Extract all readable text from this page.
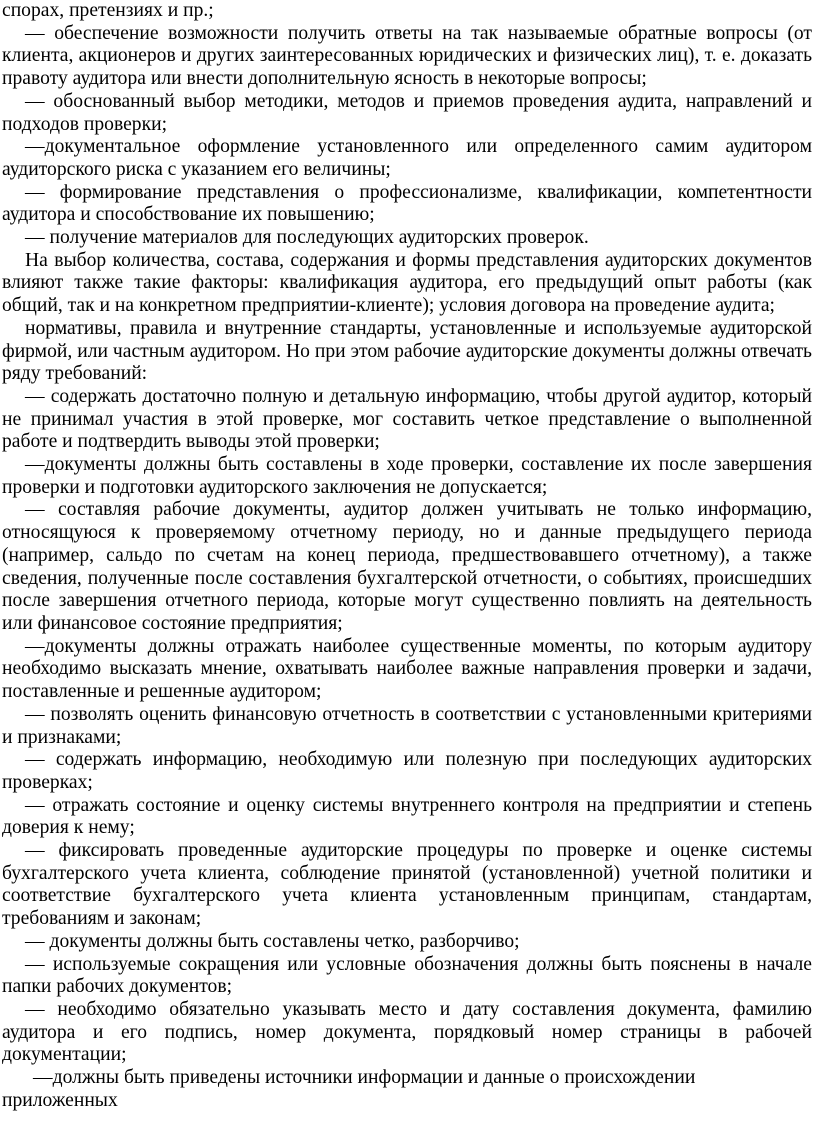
спорах, претензиях и пр.;

— обеспечение возможности получить ответы на так называемые обратные вопросы (от клиента, акционеров и других заинтересованных юридических и физических лиц), т. е. доказать правоту аудитора или внести дополнительную ясность в некоторые вопросы;

— обоснованный выбор методики, методов и приемов проведения аудита, направлений и подходов проверки;

—документальное оформление установленного или определенного самим аудитором аудиторского риска с указанием его величины;

— формирование представления о профессионализме, квалификации, компетентности аудитора и способствование их повышению;

— получение материалов для последующих аудиторских проверок.

На выбор количества, состава, содержания и формы представления аудиторских документов влияют также такие факторы: квалификация аудитора, его предыдущий опыт работы (как общий, так и на конкретном предприятии-клиенте); условия договора на проведение аудита;

нормативы, правила и внутренние стандарты, установленные и используемые аудиторской фирмой, или частным аудитором. Но при этом рабочие аудиторские документы должны отвечать ряду требований:

— содержать достаточно полную и детальную информацию, чтобы другой аудитор, который не принимал участия в этой проверке, мог составить четкое представление о выполненной работе и подтвердить выводы этой проверки;

—документы должны быть составлены в ходе проверки, составление их после завершения проверки и подготовки аудиторского заключения не допускается;

— составляя рабочие документы, аудитор должен учитывать не только информацию, относящуюся к проверяемому отчетному периоду, но и данные предыдущего периода (например, сальдо по счетам на конец периода, предшествовавшего отчетному), а также сведения, полученные после составления бухгалтерской отчетности, о событиях, происшедших после завершения отчетного периода, которые могут существенно повлиять на деятельность или финансовое состояние предприятия;

—документы должны отражать наиболее существенные моменты, по которым аудитору необходимо высказать мнение, охватывать наиболее важные направления проверки и задачи, поставленные и решенные аудитором;

— позволять оценить финансовую отчетность в соответствии с установленными критериями и признаками;

— содержать информацию, необходимую или полезную при последующих аудиторских проверках;

— отражать состояние и оценку системы внутреннего контроля на предприятии и степень доверия к нему;

— фиксировать проведенные аудиторские процедуры по проверке и оценке системы бухгалтерского учета клиента, соблюдение принятой (установленной) учетной политики и соответствие бухгалтерского учета клиента установленным принципам, стандартам, требованиям и законам;

— документы должны быть составлены четко, разборчиво;

— используемые сокращения или условные обозначения должны быть пояснены в начале папки рабочих документов;

— необходимо обязательно указывать место и дату составления документа, фамилию аудитора и его подпись, номер документа, порядковый номер страницы в рабочей документации;

—должны быть приведены источники информации и данные о происхождении приложенных
